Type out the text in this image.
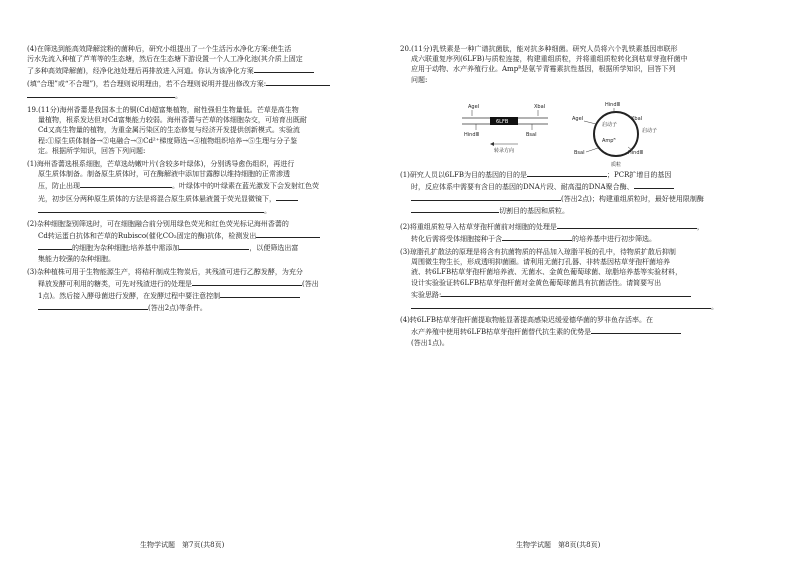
(4)在筛选到能高效降解淀粉的菌种后，研究小组提出了一个生活污水净化方案:使生活
污水先流入种植了芦苇等的生态塘，然后在生态塘下游设置一个人工净化池(其介质上固定
了多种高效降解菌)，经净化池处理后再排放进入河道。你认为该净化方案
(填“合理”或“不合理”)，若合理则说明理由，若不合理则说明并提出修改方案:
。
19.(11分)海州香薷是我国本土的铜(Cd)超富集植物，耐性强但生物量低。芒草是高生物
量植物，根系发达但对Cd富集能力较弱。海州香薷与芒草的体细胞杂交，可培育出既耐
Cd又高生物量的植物，为重金属污染区的生态修复与经济开发提供创新模式。实验流
程:①原生质体制备→②电融合→③Cd²⁺梯度筛选→④植物组织培养→⑤生理与分子鉴
定。根据所学知识，回答下列问题:
(1)海州香薷选根系细胞，芒草选幼嫩叶片(含较多叶绿体)，分别诱导愈伤组织，再进行
原生质体制备。制备原生质体时，可在酶解液中添加甘露醇以维持细胞的正常渗透
压，防止出现	。叶绿体中的叶绿素在蓝光激发下会发射红色荧
光，初步区分两种原生质体的方法是将混合原生质体悬液置于荧光显微镜下，
。
(2)杂种细胞鉴别筛选时，可在细胞融合前分别用绿色荧光和红色荧光标记海州香薷的
Cd转运蛋白抗体和芒草的Rubisco(催化CO₂固定的酶)抗体，检测发出
的细胞为杂种细胞;培养基中需添加	，以便筛选出富
集能力较强的杂种细胞。
(3)杂种植株可用于生物能源生产，将秸秆制成生物炭后，其残渣可进行乙醇发酵，为充分
释放发酵可利用的糖类，可先对残渣进行的处理是	(答出
1点)。然后接入酵母菌进行发酵，在发酵过程中要注意控制
(答出2点)等条件。
20.(11分)乳铁素是一种广谱抗菌肽，能对抗多种细菌。研究人员将六个乳铁素基因串联形
成六联重复序列(6LFB)与质粒连接，构建重组质粒，并将重组质粒转化到枯草芽孢杆菌中
应用于动物、水产养殖行业。Ampᴿ是氨苄青霉素抗性基因，根据所学知识，回答下列
问题:
(1)研究人员以6LFB为目的基因的目的是	；PCR扩增目的基因
时，反应体系中需要有含目的基因的DNA片段、耐高温的DNA聚合酶、
(答出2点)；构建重组质粒时，最好使用限制酶
切割目的基因和质粒。
(2)将重组质粒导入枯草芽孢杆菌前对细胞的处理是	，
转化后需将受体细胞接种于含	的培养基中进行初步筛选。
(3)琼脂孔扩散法的原理是将含有抗菌物质的样品加入琼脂平板的孔中，待物质扩散后抑制
周围微生物生长，形成透明抑菌圈。请利用无菌打孔器、非转基因枯草芽孢杆菌培养
液、转6LFB枯草芽孢杆菌培养液、无菌水、金黄色葡萄球菌、琼脂培养基等实验材料，
设计实验验证转6LFB枯草芽孢杆菌对金黄色葡萄球菌具有抗菌活性。请简要写出
实验思路:
。
(4)转6LFB枯草芽孢杆菌提取物能显著提高感染迟缓爱德华菌的罗非鱼存活率。在
水产养殖中使用转6LFB枯草芽孢杆菌替代抗生素的优势是
(答出1点)。
AgeⅠ	XbaⅠ
6LFB
HindⅢ	BsaⅠ
转录方向
HindⅢ
AgeⅠ
启动子
XbaⅠ
启动子
Ampᴿ
BsaⅠ	HindⅢ
质粒
生物学试题　第7页(共8页)	生物学试题　第8页(共8页)
